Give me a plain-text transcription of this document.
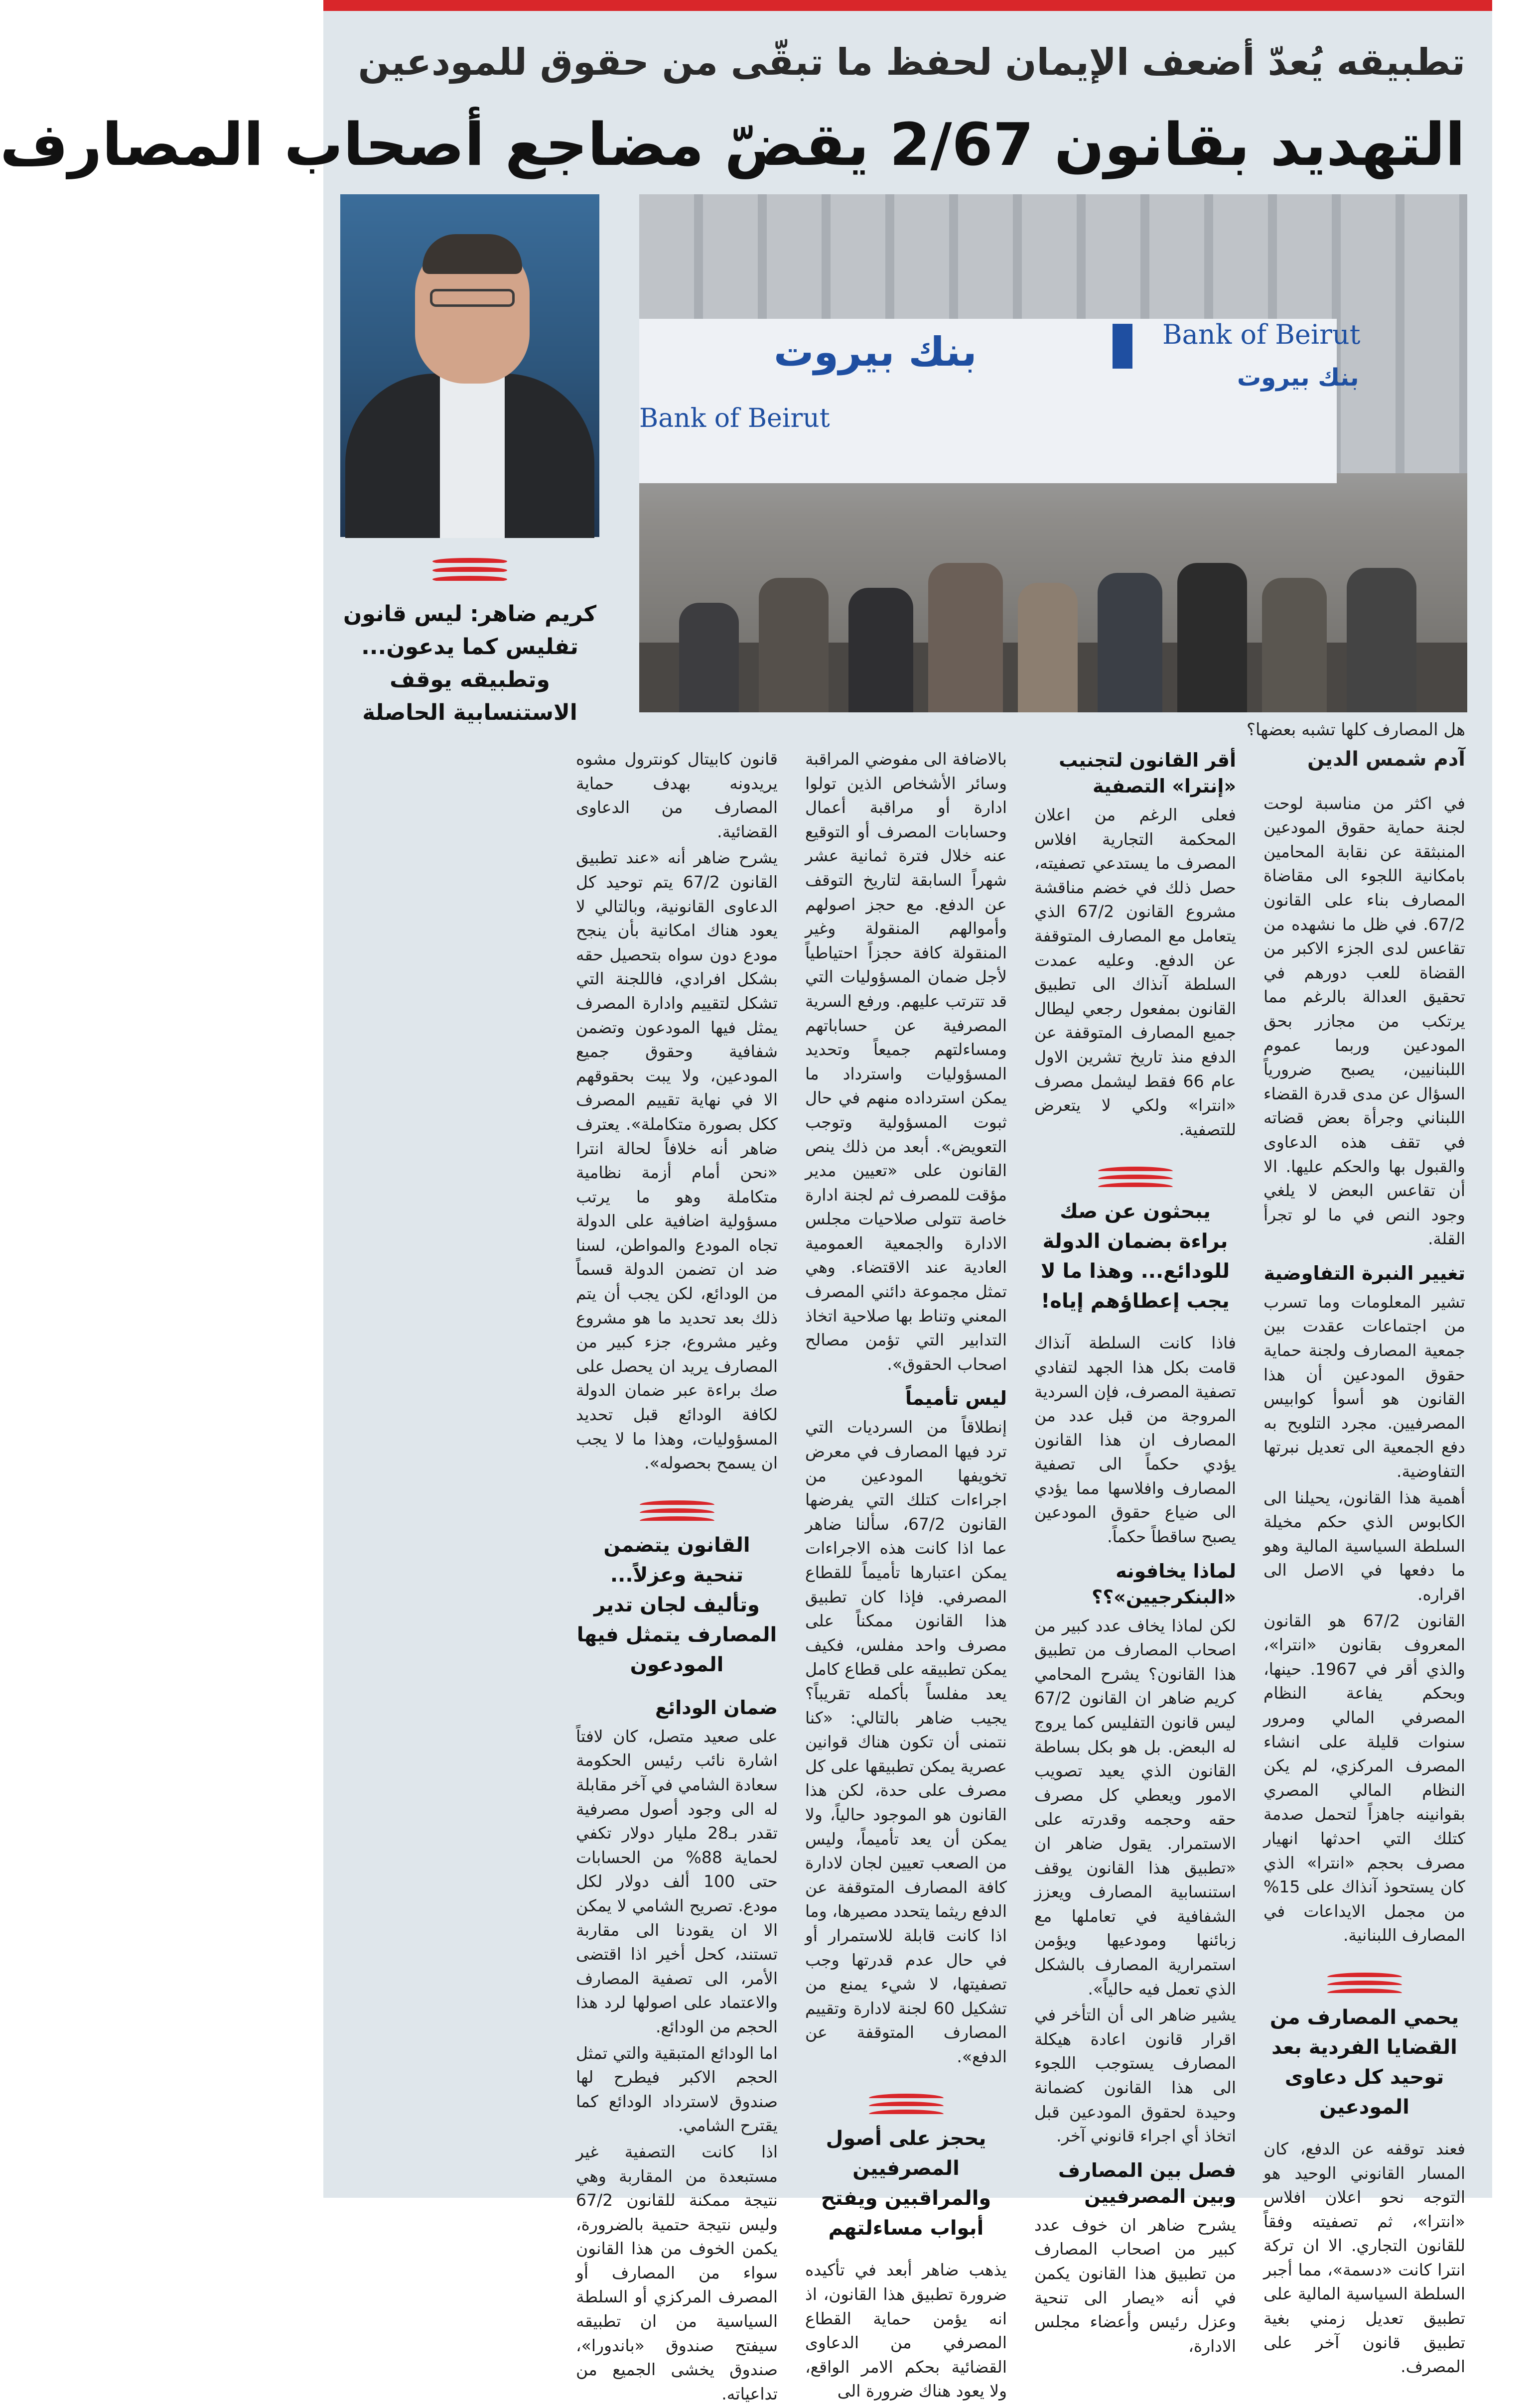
تطبيقه يُعدّ أضعف الإيمان لحفظ ما تبقّى من حقوق للمودعين
التهديد بقانون 2/67 يقضّ مضاجع أصحاب المصارف
بنك بيروت
Bank of Beirut
Bank of Beirut
بنك بيروت
هل المصارف كلها تشبه بعضها؟
كريم ضاهر: ليس قانون تفليس كما يدعون... وتطبيقه يوقف الاستنسابية الحاصلة
آدم شمس الدين

في اكثر من مناسبة لوحت لجنة حماية حقوق المودعين المنبثقة عن نقابة المحامين بامكانية اللجوء الى مقاضاة المصارف بناء على القانون 67/2. في ظل ما نشهده من تقاعس لدى الجزء الاكبر من القضاة للعب دورهم في تحقيق العدالة بالرغم مما يرتكب من مجازر بحق المودعين وربما عموم اللبنانيين، يصبح ضرورياً السؤال عن مدى قدرة القضاء اللبناني وجرأة بعض قضاته في تقف هذه الدعاوى والقبول بها والحكم عليها. الا أن تقاعس البعض لا يلغي وجود النص في ما لو تجرأ القلة.

تغيير النبرة التفاوضية

تشير المعلومات وما تسرب من اجتماعات عقدت بين جمعية المصارف ولجنة حماية حقوق المودعين أن هذا القانون هو أسوأ كوابيس المصرفيين. مجرد التلويح به دفع الجمعية الى تعديل نبرتها التفاوضية.

أهمية هذا القانون، يحيلنا الى الكابوس الذي حكم مخيلة السلطة السياسية المالية وهو ما دفعها في الاصل الى اقراره.

القانون 67/2 هو القانون المعروف بقانون «انترا»، والذي أقر في 1967. حينها، وبحكم يفاعة النظام المصرفي المالي ومرور سنوات قليلة على انشاء المصرف المركزي، لم يكن النظام المالي المصري بقوانينه جاهزاً لتحمل صدمة كتلك التي احدثها انهيار مصرف بحجم «انترا» الذي كان يستحوذ آنذاك على 15% من مجمل الايداعات في المصارف اللبنانية.

يحمي المصارف من القضايا الفردية بعد توحيد كل دعاوى المودعين

فعند توقفه عن الدفع، كان المسار القانوني الوحيد هو التوجه نحو اعلان افلاس «انترا»، ثم تصفيته وفقاً للقانون التجاري. الا ان تركة انترا كانت «دسمة»، مما أجبر السلطة السياسية المالية على تطبيق تعديل زمني بغية تطبيق قانون آخر على المصرف.

أقر القانون لتجنيب «إنترا» التصفية

فعلى الرغم من اعلان المحكمة التجارية افلاس المصرف ما يستدعي تصفيته، حصل ذلك في خضم مناقشة مشروع القانون 67/2 الذي يتعامل مع المصارف المتوقفة عن الدفع. وعليه عمدت السلطة آنذاك الى تطبيق القانون بمفعول رجعي ليطال جميع المصارف المتوقفة عن الدفع منذ تاريخ تشرين الاول عام 66 فقط ليشمل مصرف «انترا» ولكي لا يتعرض للتصفية.

يبحثون عن صك براءة بضمان الدولة للودائع... وهذا ما لا يجب إعطاؤهم إياه!

فاذا كانت السلطة آنذاك قامت بكل هذا الجهد لتفادي تصفية المصرف، فإن السردية المروجة من قبل عدد من المصارف ان هذا القانون يؤدي حكماً الى تصفية المصارف وافلاسها مما يؤدي الى ضياع حقوق المودعين يصبح ساقطاً حكماً.

لماذا يخافونه «البنكرجيين»؟؟

لكن لماذا يخاف عدد كبير من اصحاب المصارف من تطبيق هذا القانون؟ يشرح المحامي كريم ضاهر ان القانون 67/2 ليس قانون التفليس كما يروج له البعض. بل هو بكل بساطة القانون الذي يعيد تصويب الامور ويعطي كل مصرف حقه وحجمه وقدرته على الاستمرار. يقول ضاهر ان «تطبيق هذا القانون يوقف استنسابية المصارف ويعزز الشفافية في تعاملها مع زبائنها ومودعيها ويؤمن استمرارية المصارف بالشكل الذي تعمل فيه حالياً».

يشير ضاهر الى أن التأخر في اقرار قانون اعادة هيكلة المصارف يستوجب اللجوء الى هذا القانون كضمانة وحيدة لحقوق المودعين قبل اتخاذ أي اجراء قانوني آخر.

فصل بين المصارف وبين المصرفيين

يشرح ضاهر ان خوف عدد كبير من اصحاب المصارف من تطبيق هذا القانون يكمن في أنه «يصار الى تنحية وعزل رئيس وأعضاء مجلس الادارة،

بالاضافة الى مفوضي المراقبة وسائر الأشخاص الذين تولوا ادارة أو مراقبة أعمال وحسابات المصرف أو التوقيع عنه خلال فترة ثمانية عشر شهراً السابقة لتاريخ التوقف عن الدفع. مع حجز اصولهم وأموالهم المنقولة وغير المنقولة كافة حجزاً احتياطياً لأجل ضمان المسؤوليات التي قد تترتب عليهم. ورفع السرية المصرفية عن حساباتهم ومساءلتهم جميعاً وتحديد المسؤوليات واسترداد ما يمكن استرداده منهم في حال ثبوت المسؤولية وتوجب التعويض». أبعد من ذلك ينص القانون على «تعيين مدير مؤقت للمصرف ثم لجنة ادارة خاصة تتولى صلاحيات مجلس الادارة والجمعية العمومية العادية عند الاقتضاء. وهي تمثل مجموعة دائني المصرف المعني وتناط بها صلاحية اتخاذ التدابير التي تؤمن مصالح اصحاب الحقوق».

ليس تأميماً

إنطلاقاً من السرديات التي ترد فيها المصارف في معرض تخويفها المودعين من اجراءات كتلك التي يفرضها القانون 67/2، سألنا ضاهر عما اذا كانت هذه الاجراءات يمكن اعتبارها تأميماً للقطاع المصرفي. فإذا كان تطبيق هذا القانون ممكناً على مصرف واحد مفلس، فكيف يمكن تطبيقه على قطاع كامل يعد مفلساً بأكمله تقريباً؟ يجيب ضاهر بالتالي: «كنا نتمنى أن تكون هناك قوانين عصرية يمكن تطبيقها على كل مصرف على حدة، لكن هذا القانون هو الموجود حالياً، ولا يمكن أن يعد تأميماً، وليس من الصعب تعيين لجان لادارة كافة المصارف المتوقفة عن الدفع ريثما يتحدد مصيرها، وما اذا كانت قابلة للاستمرار أو في حال عدم قدرتها وجب تصفيتها، لا شيء يمنع من تشكيل 60 لجنة لادارة وتقييم المصارف المتوقفة عن الدفع».

يحجز على أصول المصرفيين والمراقبين ويفتح أبواب مساءلتهم

يذهب ضاهر أبعد في تأكيده ضرورة تطبيق هذا القانون، اذ انه يؤمن حماية القطاع المصرفي من الدعاوى القضائية بحكم الامر الواقع، ولا يعود هناك ضرورة الى

قانون كابيتال كونترول مشوه يريدونه بهدف حماية المصارف من الدعاوى القضائية.

يشرح ضاهر أنه «عند تطبيق القانون 67/2 يتم توحيد كل الدعاوى القانونية، وبالتالي لا يعود هناك امكانية بأن ينجح مودع دون سواه بتحصيل حقه بشكل افرادي، فاللجنة التي تشكل لتقييم وادارة المصرف يمثل فيها المودعون وتضمن شفافية وحقوق جميع المودعين، ولا يبت بحقوقهم الا في نهاية تقييم المصرف ككل بصورة متكاملة». يعترف ضاهر أنه خلافاً لحالة انترا «نحن أمام أزمة نظامية متكاملة وهو ما يرتب مسؤولية اضافية على الدولة تجاه المودع والمواطن، لسنا ضد ان تضمن الدولة قسماً من الودائع، لكن يجب أن يتم ذلك بعد تحديد ما هو مشروع وغير مشروع، جزء كبير من المصارف يريد ان يحصل على صك براءة عبر ضمان الدولة لكافة الودائع قبل تحديد المسؤوليات، وهذا ما لا يجب ان يسمح بحصوله».

القانون يتضمن تنحية وعزلاً... وتأليف لجان تدير المصارف يتمثل فيها المودعون
ضمان الودائع

على صعيد متصل، كان لافتاً اشارة نائب رئيس الحكومة سعادة الشامي في آخر مقابلة له الى وجود أصول مصرفية تقدر بـ28 مليار دولار تكفي لحماية 88% من الحسابات حتى 100 ألف دولار لكل مودع. تصريح الشامي لا يمكن الا ان يقودنا الى مقاربة تستند، كحل أخير اذا اقتضى الأمر، الى تصفية المصارف والاعتماد على اصولها لرد هذا الحجم من الودائع.

اما الودائع المتبقية والتي تمثل الحجم الاكبر فيطرح لها صندوق لاسترداد الودائع كما يقترح الشامي.

اذا كانت التصفية غير مستبعدة من المقاربة وهي نتيجة ممكنة للقانون 67/2 وليس نتيجة حتمية بالضرورة، يكمن الخوف من هذا القانون سواء من المصارف أو المصرف المركزي أو السلطة السياسية من ان تطبيقه سيفتح صندوق «باندورا»، صندوق يخشى الجميع من تداعياته.
